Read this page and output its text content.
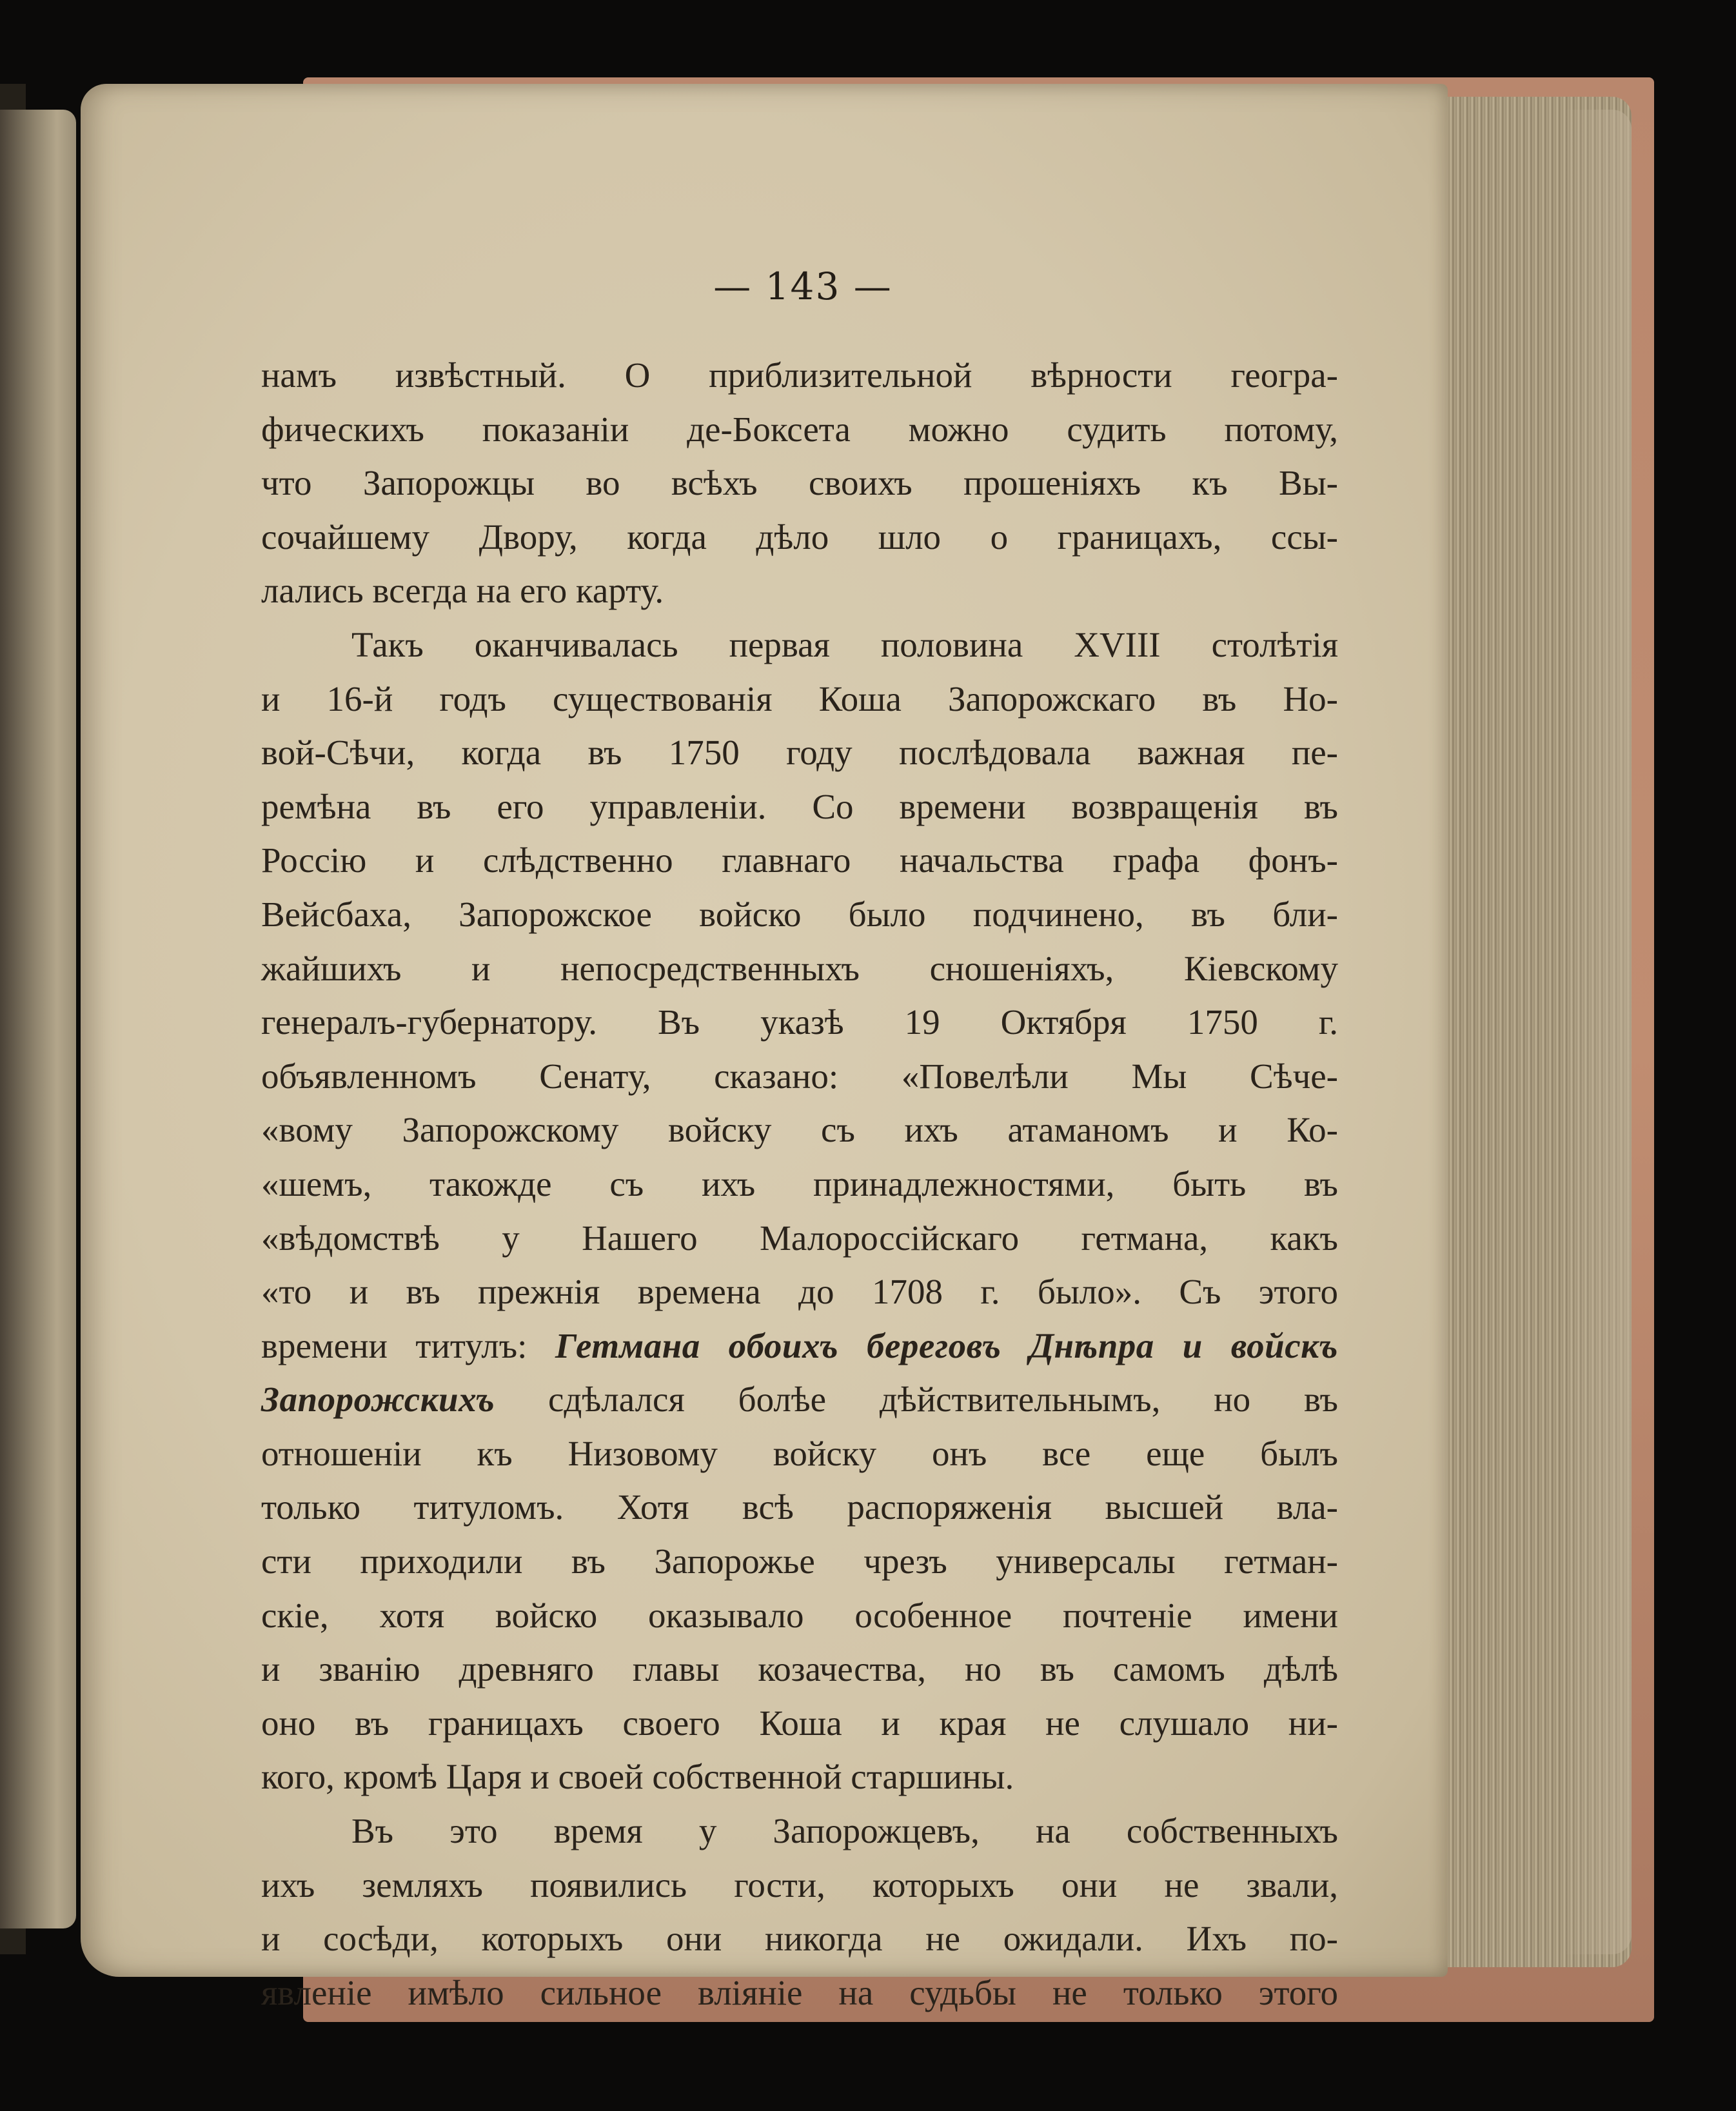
— 143 —
намъ извѣстный. О приблизительной вѣрности геогра-
фическихъ показаніи де-Боксета можно судить потому,
что Запорожцы во всѣхъ своихъ прошеніяхъ къ Вы-
сочайшему Двору, когда дѣло шло о границахъ, ссы-
лались всегда на его карту.
Такъ оканчивалась первая половина XVIII столѣтія
и 16-й годъ существованія Коша Запорожскаго въ Но-
вой-Сѣчи, когда въ 1750 году послѣдовала важная пе-
ремѣна въ его управленіи. Со времени возвращенія въ
Россію и слѣдственно главнаго начальства графа фонъ-
Вейсбаха, Запорожское войско было подчинено, въ бли-
жайшихъ и непосредственныхъ сношеніяхъ, Кіевскому
генералъ-губернатору. Въ указѣ 19 Октября 1750 г.
объявленномъ Сенату, сказано: «Повелѣли Мы Сѣче-
«вому Запорожскому войску съ ихъ атаманомъ и Ко-
«шемъ, такожде съ ихъ принадлежностями, быть въ
«вѣдомствѣ у Нашего Малороссійскаго гетмана, какъ
«то и въ прежнія времена до 1708 г. было». Съ этого
времени титулъ: Гетмана обоихъ береговъ Днѣпра и войскъ
Запорожскихъ сдѣлался болѣе дѣйствительнымъ, но въ
отношеніи къ Низовому войску онъ все еще былъ
только титуломъ. Хотя всѣ распоряженія высшей вла-
сти приходили въ Запорожье чрезъ универсалы гетман-
скіе, хотя войско оказывало особенное почтеніе имени
и званію древняго главы козачества, но въ самомъ дѣлѣ
оно въ границахъ своего Коша и края не слушало ни-
кого, кромѣ Царя и своей собственной старшины.
Въ это время у Запорожцевъ, на собственныхъ
ихъ земляхъ появились гости, которыхъ они не звали,
и сосѣди, которыхъ они никогда не ожидали. Ихъ по-
явленіе имѣло сильное вліяніе на судьбы не только этого
